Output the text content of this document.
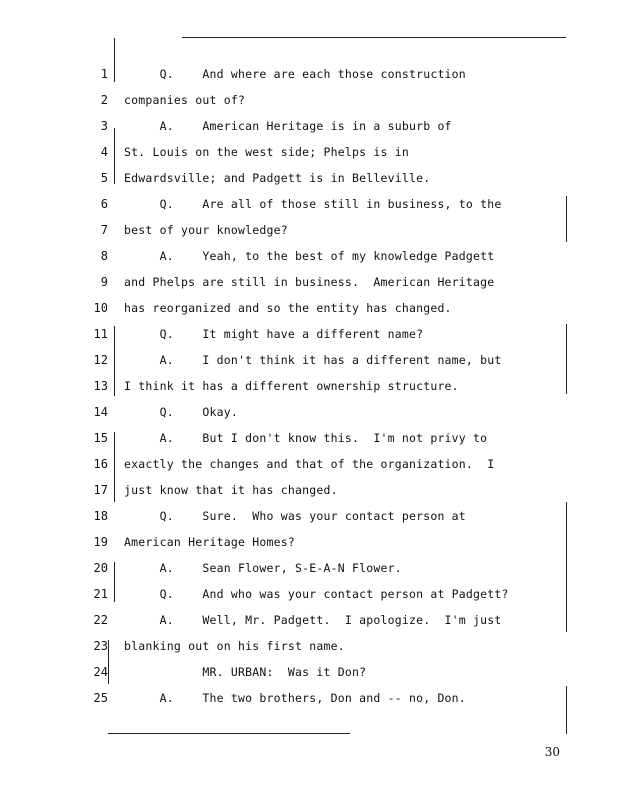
1 Q.    And where are each those construction
2 companies out of?
3 A.    American Heritage is in a suburb of
4 St. Louis on the west side; Phelps is in
5 Edwardsville; and Padgett is in Belleville.
6 Q.    Are all of those still in business, to the
7 best of your knowledge?
8 A.    Yeah, to the best of my knowledge Padgett
9 and Phelps are still in business.  American Heritage
10 has reorganized and so the entity has changed.
11 Q.    It might have a different name?
12 A.    I don't think it has a different name, but
13 I think it has a different ownership structure.
14 Q.    Okay.
15 A.    But I don't know this.  I'm not privy to
16 exactly the changes and that of the organization.  I
17 just know that it has changed.
18 Q.    Sure.  Who was your contact person at
19 American Heritage Homes?
20 A.    Sean Flower, S-E-A-N Flower.
21 Q.    And who was your contact person at Padgett?
22 A.    Well, Mr. Padgett.  I apologize.  I'm just
23 blanking out on his first name.
24 MR. URBAN:  Was it Don?
25 A.    The two brothers, Don and -- no, Don.
30
